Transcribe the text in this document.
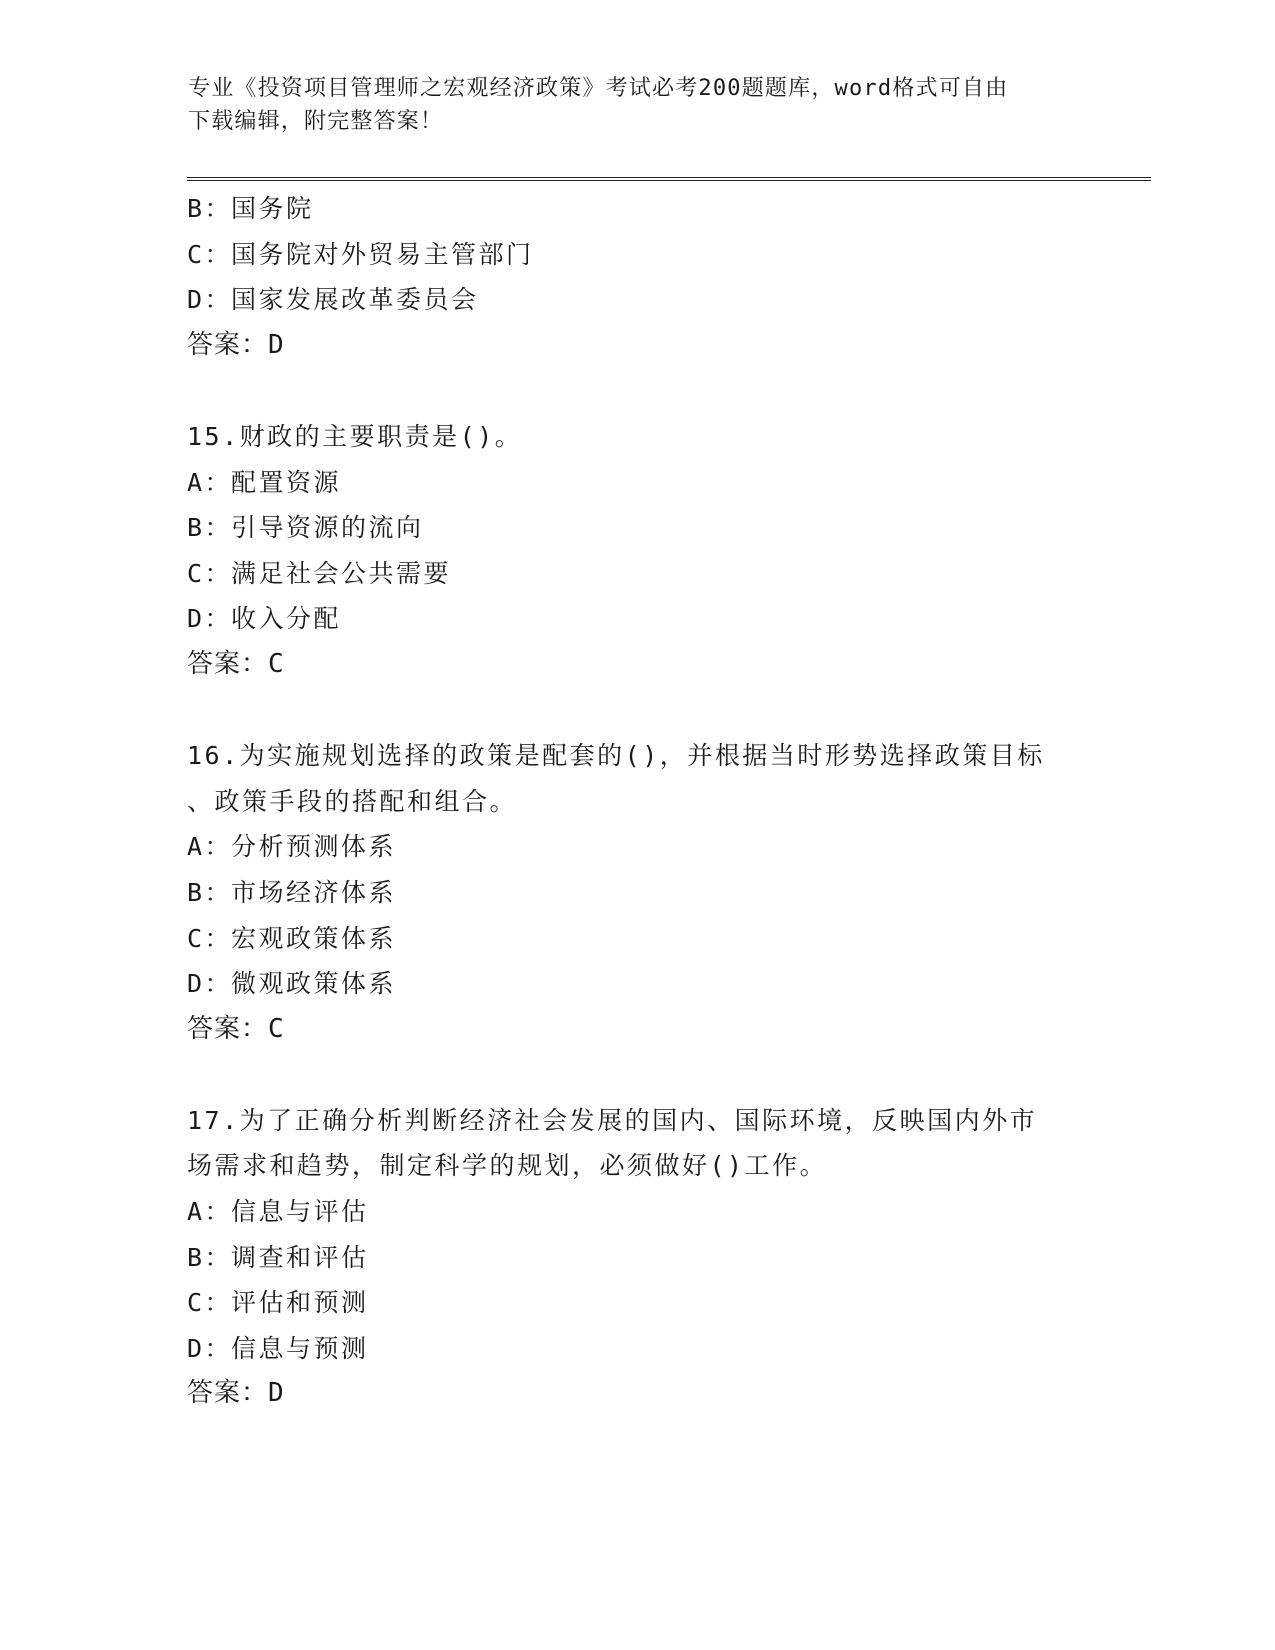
专业《投资项目管理师之宏观经济政策》考试必考200题题库，word格式可自由
下载编辑，附完整答案！
B：国务院
C：国务院对外贸易主管部门
D：国家发展改革委员会
答案：D
15.财政的主要职责是()。
A：配置资源
B：引导资源的流向
C：满足社会公共需要
D：收入分配
答案：C
16.为实施规划选择的政策是配套的()，并根据当时形势选择政策目标
、政策手段的搭配和组合。
A：分析预测体系
B：市场经济体系
C：宏观政策体系
D：微观政策体系
答案：C
17.为了正确分析判断经济社会发展的国内、国际环境，反映国内外市
场需求和趋势，制定科学的规划，必须做好()工作。
A：信息与评估
B：调查和评估
C：评估和预测
D：信息与预测
答案：D
